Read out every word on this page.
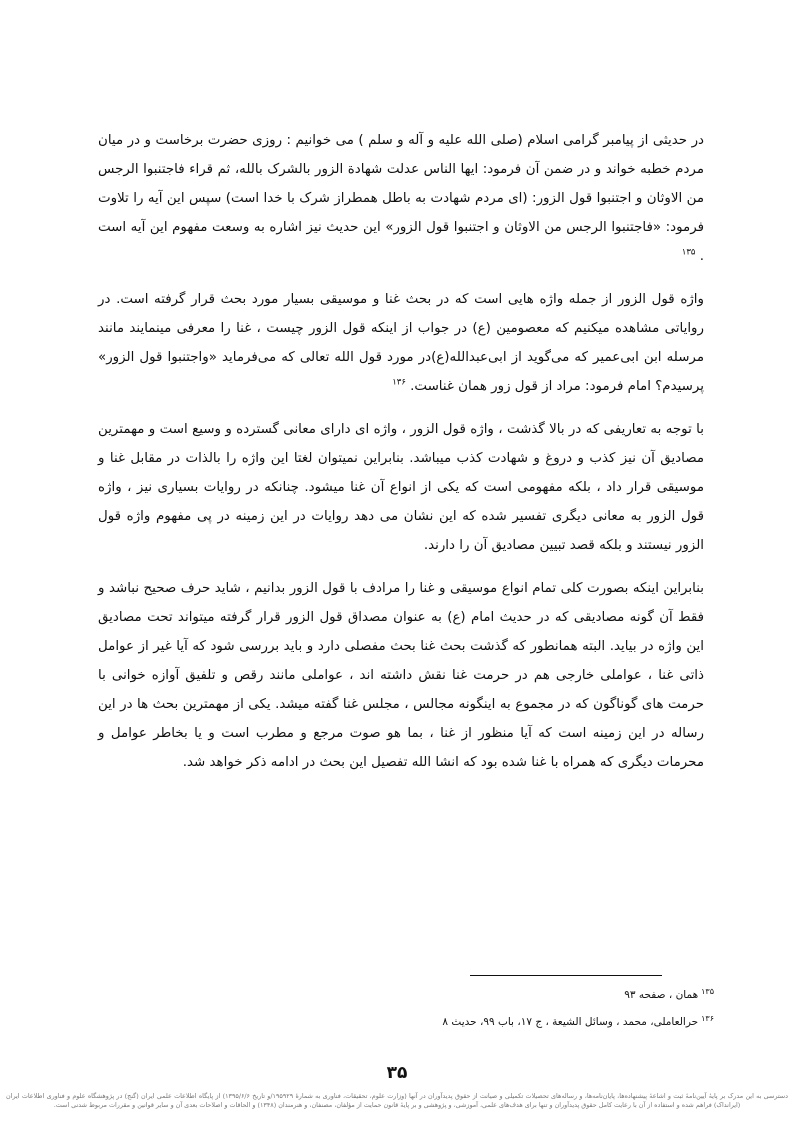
در حدیثی از پیامبر گرامی اسلام (صلی الله علیه و آله و سلم ) می خوانیم : روزی حضرت برخاست و در میان مردم خطبه خواند و در ضمن آن فرمود: ایها الناس عدلت شهادة الزور بالشرک بالله، ثم قراء فاجتنبوا الرجس من الاوثان و اجتنبوا قول الزور: (ای مردم شهادت به باطل همطراز شرک با خدا است) سپس این آیه را تلاوت فرمود: «فاجتنبوا الرجس من الاوثان و اجتنبوا قول الزور» این حدیث نیز اشاره به وسعت مفهوم این آیه است . $^{۱۳۵}$

واژه قول الزور از جمله واژه هایی است که در بحث غنا و موسیقی بسیار مورد بحث قرار گرفته است. در روایاتی مشاهده میکنیم که معصومین (ع) در جواب از اینکه قول الزور چیست ، غنا را معرفی مینمایند مانند مرسله ابن ابی‌عمیر که می‌گوید از ابی‌عبدالله(ع)در مورد قول الله تعالی که می‌فرماید «واجتنبوا قول الزور» پرسیدم؟ امام فرمود: مراد از قول زور همان غناست. $^{۱۳۶}$

با توجه به تعاریفی که در بالا گذشت ، واژه قول الزور ، واژه ای دارای معانی گسترده و وسیع است و مهمترین مصادیق آن نیز کذب و دروغ و شهادت کذب میباشد. بنابراین نمیتوان لغتا این واژه را بالذات در مقابل غنا و موسیقی قرار داد ، بلکه مفهومی است که یکی از انواع آن غنا میشود. چنانکه در روایات بسیاری نیز ، واژه قول الزور به معانی دیگری تفسیر شده که این نشان می دهد روایات در این زمینه در پی مفهوم واژه قول الزور نیستند و بلکه قصد تبیین مصادیق آن را دارند.

بنابراین اینکه بصورت کلی تمام انواع موسیقی و غنا را مرادف با قول الزور بدانیم ، شاید حرف صحیح نباشد و فقط آن گونه مصادیقی که در حدیث امام (ع) به عنوان مصداق قول الزور قرار گرفته میتواند تحت مصادیق این واژه در بیاید. البته همانطور که گذشت بحث غنا بحث مفصلی دارد و باید بررسی شود که آیا غیر از عوامل ذاتی غنا ، عواملی خارجی هم در حرمت غنا نقش داشته اند ، عواملی مانند رقص و تلفیق آوازه خوانی با حرمت های گوناگون که در مجموع به اینگونه مجالس ، مجلس غنا گفته میشد. یکی از مهمترین بحث ها در این رساله در این زمینه است که آیا منظور از غنا ، بما هو صوت مرجع و مطرب است و یا بخاطر عوامل و محرمات دیگری که همراه با غنا شده بود که انشا الله تفصیل این بحث در ادامه ذکر خواهد شد.

$^{۱۳۵}$همان ، صفحه ۹۳

$^{۱۳۶}$حرالعاملی، محمد ، وسائل الشیعة ، ج ۱۷، باب ۹۹، حدیث ۸

۳۵
دسترسی به این مدرک بر پایهٔ آیین‌نامهٔ ثبت و اشاعهٔ پیشنهاده‌ها، پایان‌نامه‌ها، و رساله‌های تحصیلات تکمیلی و صیانت از حقوق پدیدآوران در آنها (وزارت علوم، تحقیقات، فناوری به شمارهٔ ۱۹۵۹۲۹/و تاریخ ۱۳۹۵/۶/۶) از پایگاه اطلاعات علمی ایران (گنج) در پژوهشگاه علوم و فناوری اطلاعات ایران (ایرانداک) فراهم شده و استفاده از آن با رعایت کامل حقوق پدیدآوران و تنها برای هدف‌های علمی، آموزشی، و پژوهشی و بر پایهٔ قانون حمایت از مؤلفان، مصنفان، و هنرمندان (۱۳۴۸) و الحاقات و اصلاحات بعدی آن و سایر قوانین و مقررات مربوط شدنی است.
